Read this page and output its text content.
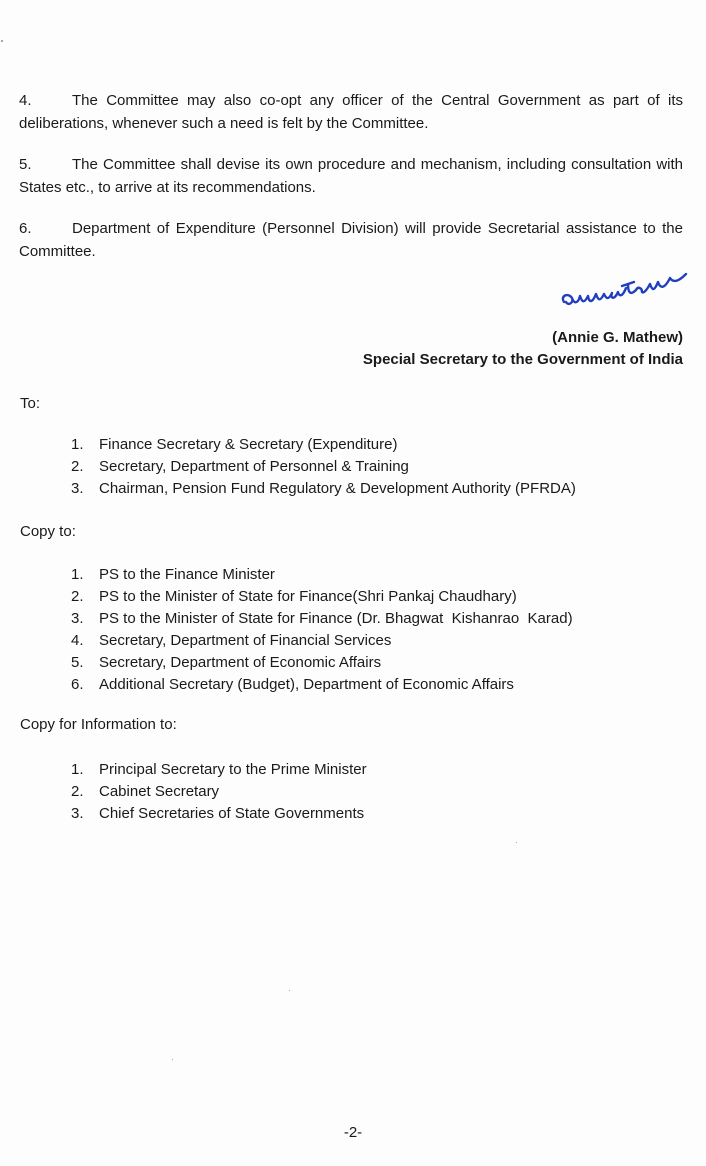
4.	The Committee may also co-opt any officer of the Central Government as part of its deliberations, whenever such a need is felt by the Committee.
5.	The Committee shall devise its own procedure and mechanism, including consultation with States etc., to arrive at its recommendations.
6.	Department of Expenditure (Personnel Division) will provide Secretarial assistance to the Committee.
(Annie G. Mathew)
Special Secretary to the Government of India
To:
1. Finance Secretary & Secretary (Expenditure)
2. Secretary, Department of Personnel & Training
3. Chairman, Pension Fund Regulatory & Development Authority (PFRDA)
Copy to:
1. PS to the Finance Minister
2. PS to the Minister of State for Finance(Shri Pankaj Chaudhary)
3. PS to the Minister of State for Finance (Dr. Bhagwat  Kishanrao  Karad)
4. Secretary, Department of Financial Services
5. Secretary, Department of Economic Affairs
6. Additional Secretary (Budget), Department of Economic Affairs
Copy for Information to:
1. Principal Secretary to the Prime Minister
2. Cabinet Secretary
3. Chief Secretaries of State Governments
-2-
